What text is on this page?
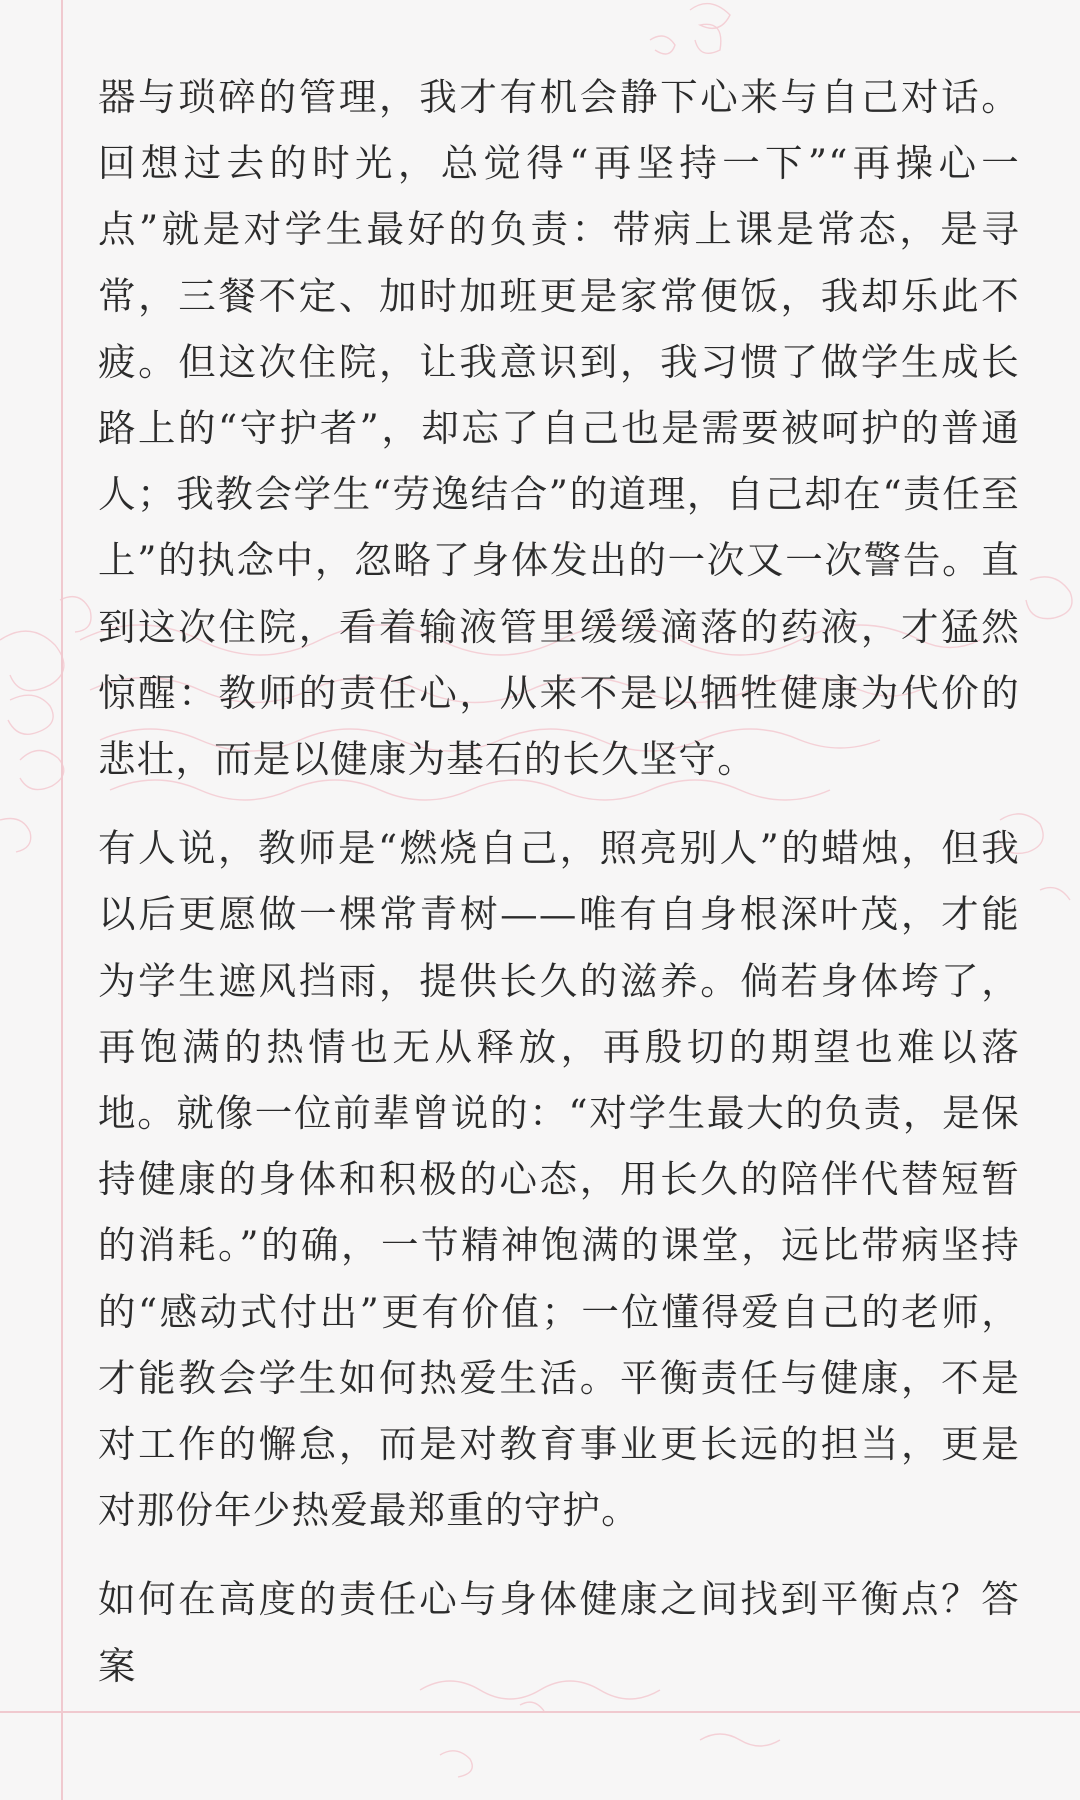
器与琐碎的管理，我才有机会静下心来与自己对话。回想过去的时光，总觉得“再坚持一下”“再操心一点”就是对学生最好的负责：带病上课是常态，是寻常，三餐不定、加时加班更是家常便饭，我却乐此不疲。但这次住院，让我意识到，我习惯了做学生成长路上的“守护者”，却忘了自己也是需要被呵护的普通人；我教会学生“劳逸结合”的道理，自己却在“责任至上”的执念中，忽略了身体发出的一次又一次警告。直到这次住院，看着输液管里缓缓滴落的药液，才猛然惊醒：教师的责任心，从来不是以牺牲健康为代价的悲壮，而是以健康为基石的长久坚守。

有人说，教师是“燃烧自己，照亮别人”的蜡烛，但我以后更愿做一棵常青树——唯有自身根深叶茂，才能为学生遮风挡雨，提供长久的滋养。倘若身体垮了，再饱满的热情也无从释放，再殷切的期望也难以落地。就像一位前辈曾说的：“对学生最大的负责，是保持健康的身体和积极的心态，用长久的陪伴代替短暂的消耗。”的确，一节精神饱满的课堂，远比带病坚持的“感动式付出”更有价值；一位懂得爱自己的老师，才能教会学生如何热爱生活。平衡责任与健康，不是对工作的懈怠，而是对教育事业更长远的担当，更是对那份年少热爱最郑重的守护。

如何在高度的责任心与身体健康之间找到平衡点？答案
